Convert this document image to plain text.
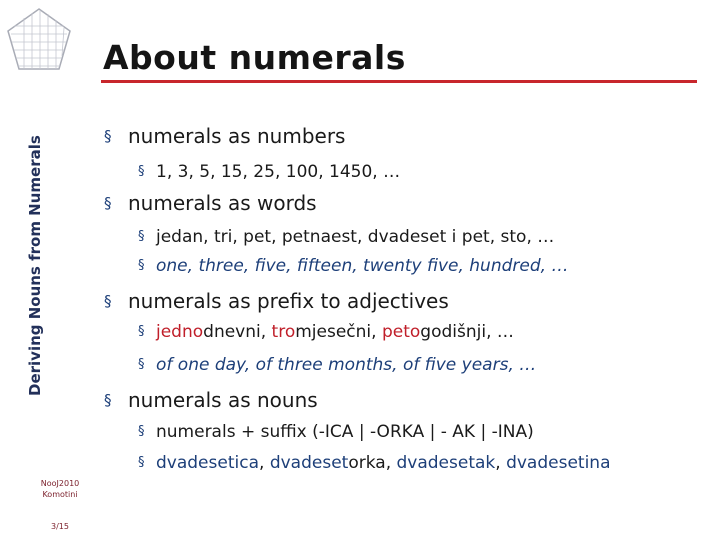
Deriving Nouns from Numerals
About numerals
NooJ2010
Komotini
3/15
§ numerals as numbers
§ 1, 3, 5, 15, 25, 100, 1450, …
§ numerals as words
§ jedan, tri, pet, petnaest, dvadeset i pet, sto, …
§ one, three, five, fifteen, twenty five, hundred, …
§ numerals as prefix to adjectives
§ jednodnevni, tromjesečni, petogodišnji, …
§ of one day, of three months, of five years, …
§ numerals as nouns
§ numerals + suffix (-ICA | -ORKA | - AK | -INA)
§ dvadesetica, dvadesetorka, dvadesetak, dvadesetina
